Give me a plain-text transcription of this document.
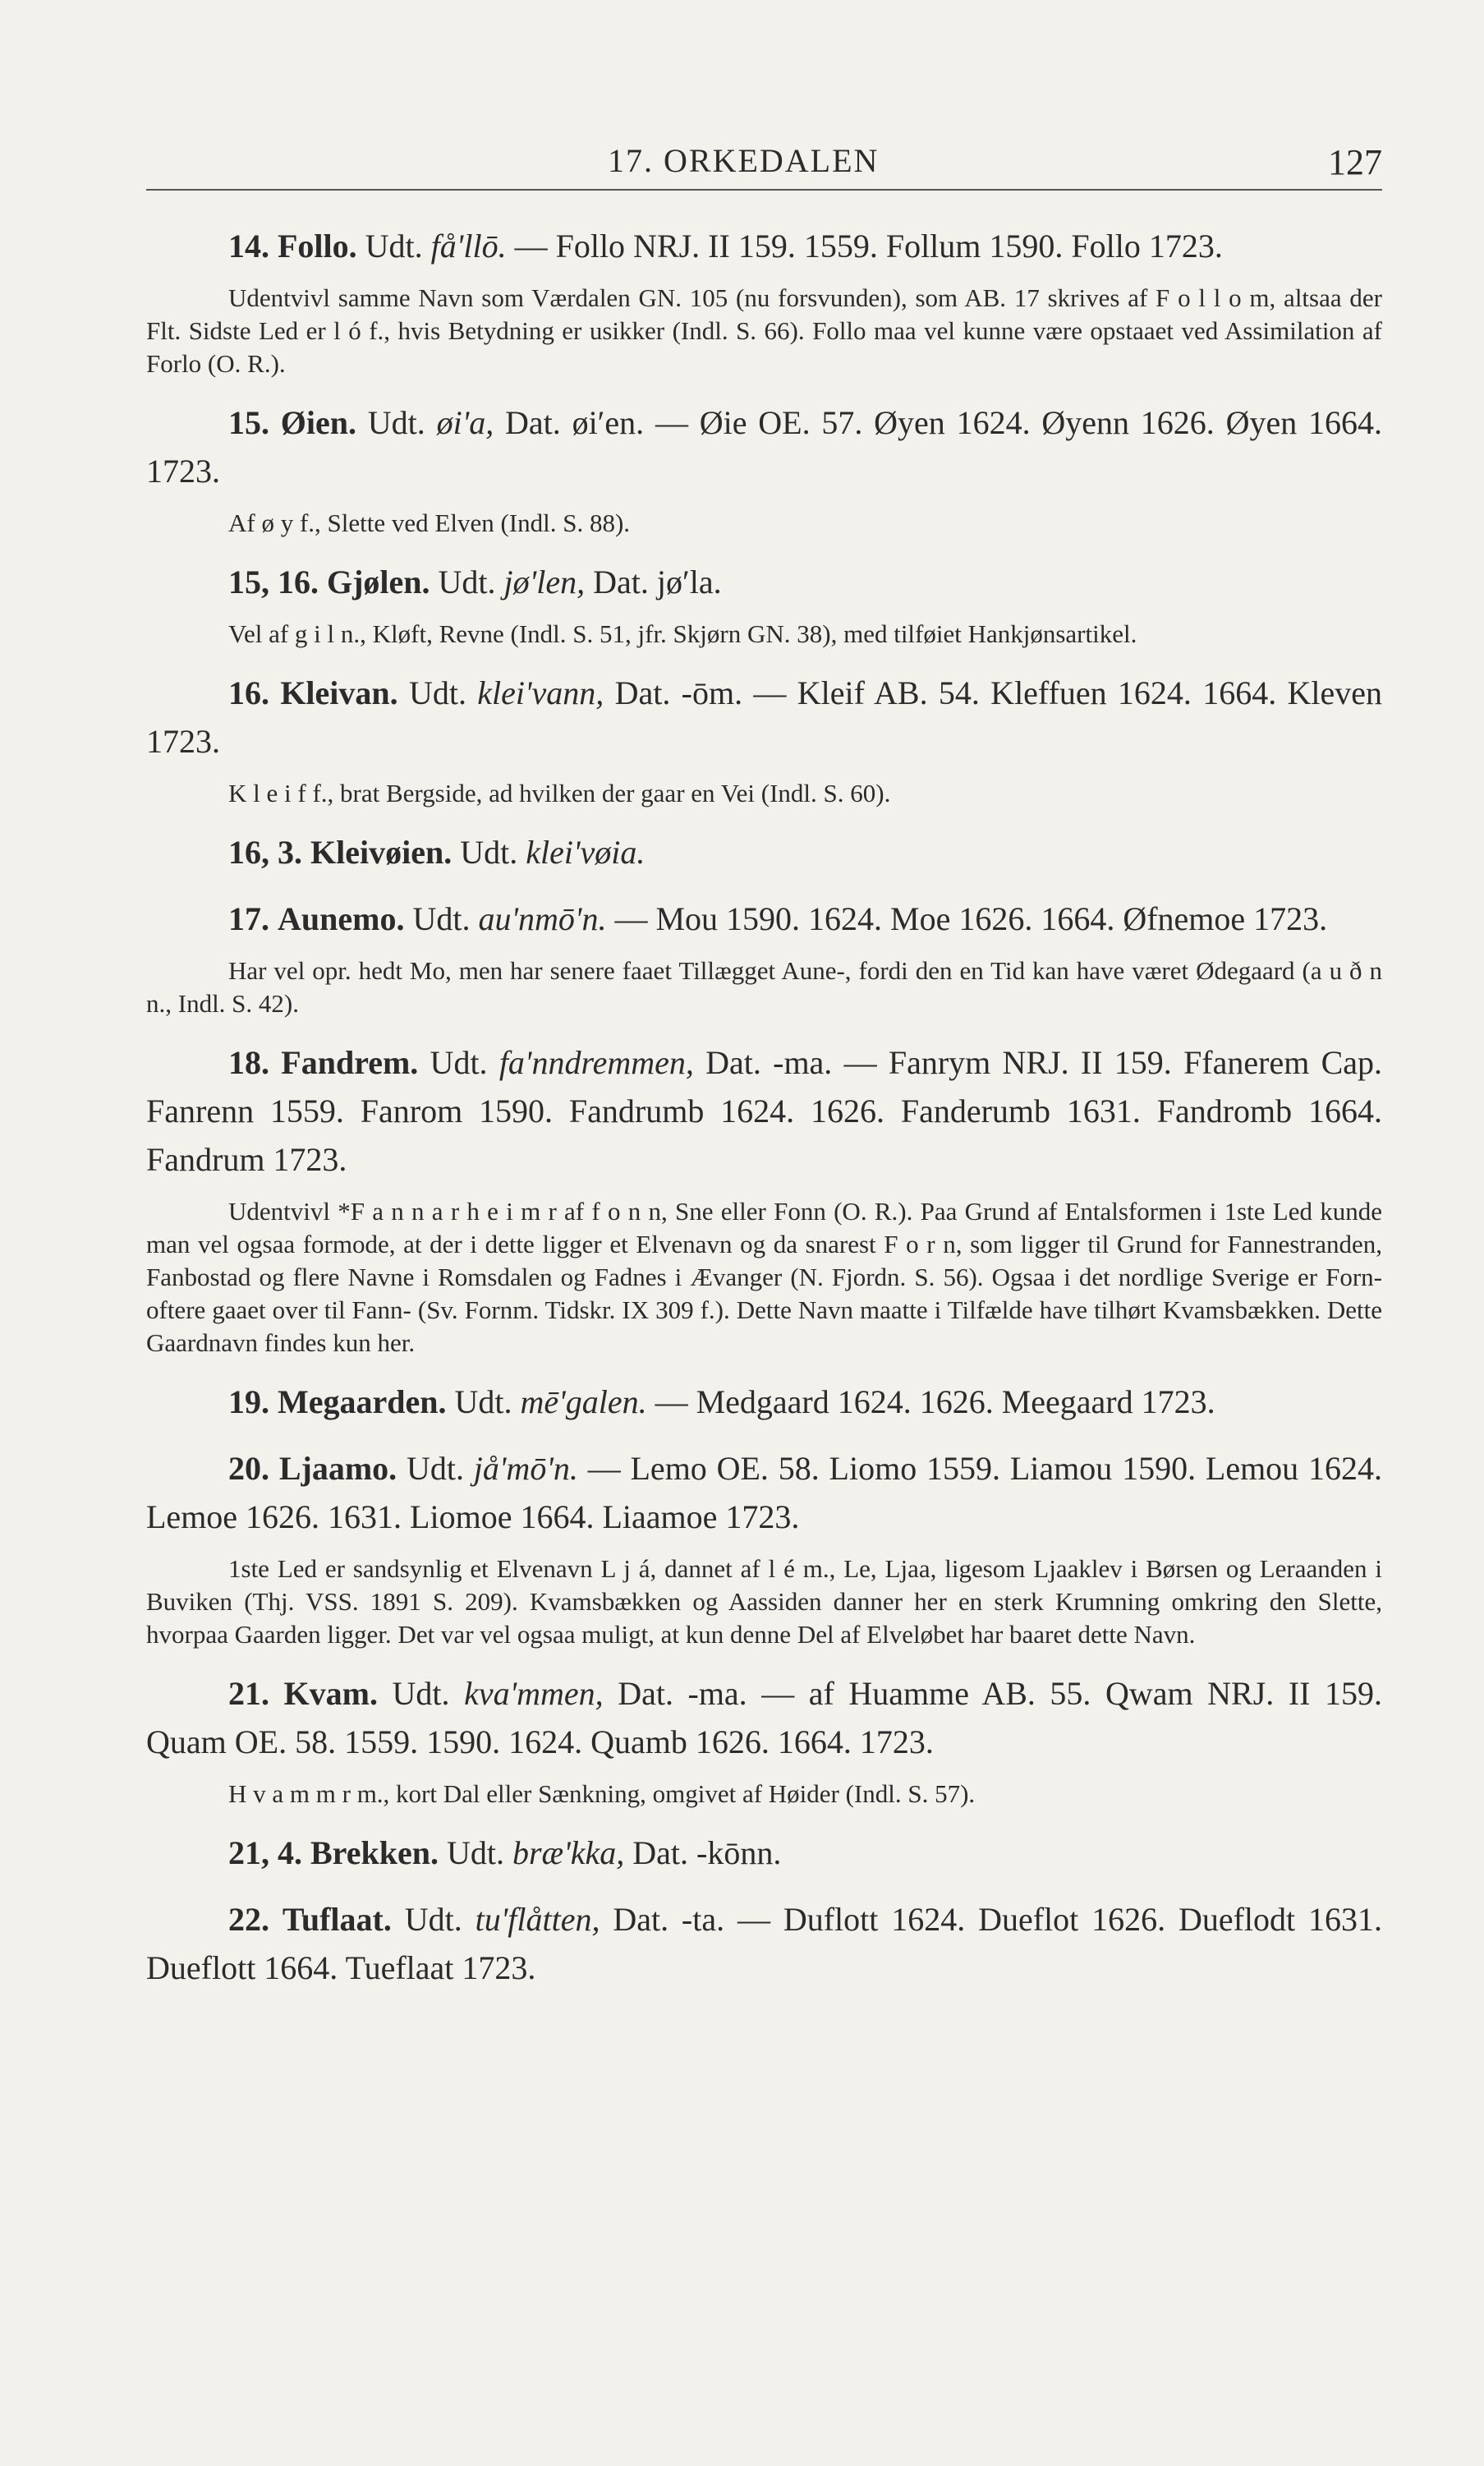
17. ORKEDALEN	127

14. Follo. Udt. fåʹllō. — Follo NRJ. II 159. 1559. Follum 1590. Follo 1723.

Udentvivl samme Navn som Værdalen GN. 105 (nu forsvunden), som AB. 17 skrives af F o l l o m, altsaa der Flt. Sidste Led er l ó f., hvis Betydning er usikker (Indl. S. 66). Follo maa vel kunne være opstaaet ved Assimilation af Forlo (O. R.).

15. Øien. Udt. øiʹa, Dat. øiʹen. — Øie OE. 57. Øyen 1624. Øyenn 1626. Øyen 1664. 1723.

Af ø y f., Slette ved Elven (Indl. S. 88).

15, 16. Gjølen. Udt. jøʹlen, Dat. jøʹla.

Vel af g i l n., Kløft, Revne (Indl. S. 51, jfr. Skjørn GN. 38), med tilføiet Hankjønsartikel.

16. Kleivan. Udt. kleiʹvann, Dat. -ōm. — Kleif AB. 54. Kleffuen 1624. 1664. Kleven 1723.

K l e i f f., brat Bergside, ad hvilken der gaar en Vei (Indl. S. 60).

16, 3. Kleivøien. Udt. kleiʹvøia.

17. Aunemo. Udt. auʹnmōʹn. — Mou 1590. 1624. Moe 1626. 1664. Øfnemoe 1723.

Har vel opr. hedt Mo, men har senere faaet Tillægget Aune-, fordi den en Tid kan have været Ødegaard (a u ð n n., Indl. S. 42).

18. Fandrem. Udt. faʹnndremmen, Dat. -ma. — Fanrym NRJ. II 159. Ffanerem Cap. Fanrenn 1559. Fanrom 1590. Fandrumb 1624. 1626. Fanderumb 1631. Fandromb 1664. Fandrum 1723.

Udentvivl *F a n n a r h e i m r af f o n n, Sne eller Fonn (O. R.). Paa Grund af Entalsformen i 1ste Led kunde man vel ogsaa formode, at der i dette ligger et Elvenavn og da snarest F o r n, som ligger til Grund for Fannestranden, Fanbostad og flere Navne i Romsdalen og Fadnes i Ævanger (N. Fjordn. S. 56). Ogsaa i det nordlige Sverige er Forn- oftere gaaet over til Fann- (Sv. Fornm. Tidskr. IX 309 f.). Dette Navn maatte i Tilfælde have tilhørt Kvamsbækken. Dette Gaardnavn findes kun her.

19. Megaarden. Udt. mēʹgalen. — Medgaard 1624. 1626. Meegaard 1723.

20. Ljaamo. Udt. jåʹmōʹn. — Lemo OE. 58. Liomo 1559. Liamou 1590. Lemou 1624. Lemoe 1626. 1631. Liomoe 1664. Liaamoe 1723.

1ste Led er sandsynlig et Elvenavn L j á, dannet af l é m., Le, Ljaa, ligesom Ljaaklev i Børsen og Leraanden i Buviken (Thj. VSS. 1891 S. 209). Kvamsbækken og Aassiden danner her en sterk Krumning omkring den Slette, hvorpaa Gaarden ligger. Det var vel ogsaa muligt, at kun denne Del af Elveløbet har baaret dette Navn.

21. Kvam. Udt. kvaʹmmen, Dat. -ma. — af Huamme AB. 55. Qwam NRJ. II 159. Quam OE. 58. 1559. 1590. 1624. Quamb 1626. 1664. 1723.

H v a m m r m., kort Dal eller Sænkning, omgivet af Høider (Indl. S. 57).

21, 4. Brekken. Udt. bræʹkka, Dat. -kōnn.

22. Tuflaat. Udt. tuʹflåtten, Dat. -ta. — Duflott 1624. Dueflot 1626. Dueflodt 1631. Dueflott 1664. Tueflaat 1723.
